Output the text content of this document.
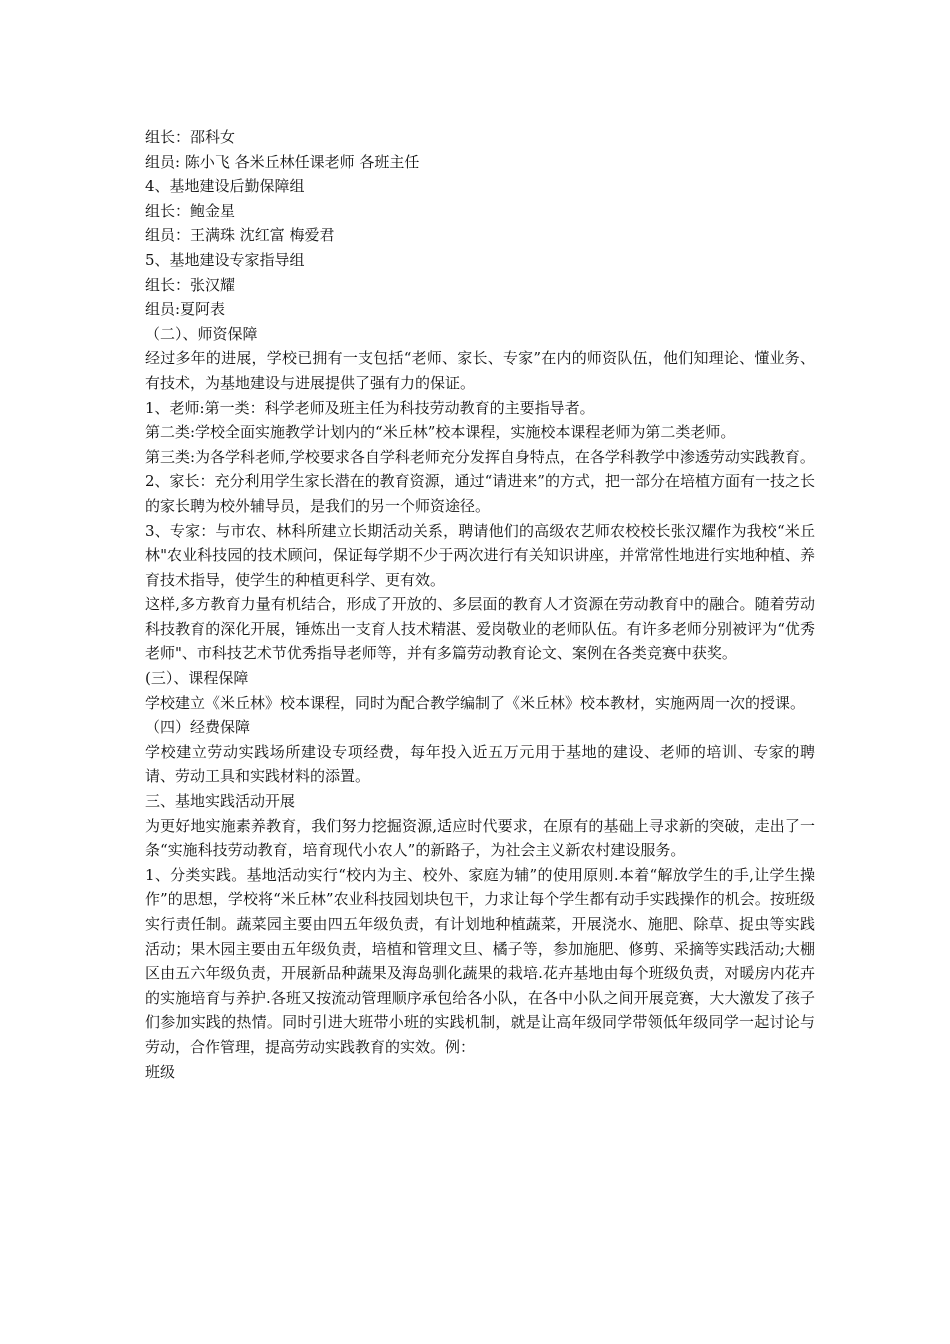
组长：邵科女

组员: 陈小飞 各米丘林任课老师 各班主任

4、基地建设后勤保障组

组长：鲍金星

组员：王满珠 沈红富 梅爱君

5、基地建设专家指导组

组长：张汉耀

组员:夏阿表

（二）、师资保障

经过多年的进展，学校已拥有一支包括“老师、家长、专家”在内的师资队伍，他们知理论、懂业务、有技术，为基地建设与进展提供了强有力的保证。

1、老师:第一类：科学老师及班主任为科技劳动教育的主要指导者。

第二类:学校全面实施教学计划内的“米丘林”校本课程，实施校本课程老师为第二类老师。

第三类:为各学科老师,学校要求各自学科老师充分发挥自身特点，在各学科教学中渗透劳动实践教育。

2、家长：充分利用学生家长潜在的教育资源，通过“请进来”的方式，把一部分在培植方面有一技之长的家长聘为校外辅导员，是我们的另一个师资途径。

3、专家：与市农、林科所建立长期活动关系，聘请他们的高级农艺师农校校长张汉耀作为我校“米丘林"农业科技园的技术顾问，保证每学期不少于两次进行有关知识讲座，并常常性地进行实地种植、养育技术指导，使学生的种植更科学、更有效。

这样,多方教育力量有机结合，形成了开放的、多层面的教育人才资源在劳动教育中的融合。随着劳动科技教育的深化开展，锤炼出一支育人技术精湛、爱岗敬业的老师队伍。有许多老师分别被评为“优秀老师"、市科技艺术节优秀指导老师等，并有多篇劳动教育论文、案例在各类竞赛中获奖。

(三）、课程保障

学校建立《米丘林》校本课程，同时为配合教学编制了《米丘林》校本教材，实施两周一次的授课。

（四）经费保障

学校建立劳动实践场所建设专项经费，每年投入近五万元用于基地的建设、老师的培训、专家的聘请、劳动工具和实践材料的添置。

三、基地实践活动开展

为更好地实施素养教育，我们努力挖掘资源,适应时代要求，在原有的基础上寻求新的突破，走出了一条“实施科技劳动教育，培育现代小农人”的新路子，为社会主义新农村建设服务。

1、分类实践。基地活动实行“校内为主、校外、家庭为辅”的使用原则.本着“解放学生的手,让学生操作”的思想，学校将“米丘林”农业科技园划块包干，力求让每个学生都有动手实践操作的机会。按班级实行责任制。蔬菜园主要由四五年级负责，有计划地种植蔬菜，开展浇水、施肥、除草、捉虫等实践活动；果木园主要由五年级负责，培植和管理文旦、橘子等，参加施肥、修剪、采摘等实践活动;大棚区由五六年级负责，开展新品种蔬果及海岛驯化蔬果的栽培.花卉基地由每个班级负责，对暖房内花卉的实施培育与养护.各班又按流动管理顺序承包给各小队，在各中小队之间开展竞赛，大大激发了孩子们参加实践的热情。同时引进大班带小班的实践机制，就是让高年级同学带领低年级同学一起讨论与劳动，合作管理，提高劳动实践教育的实效。例：

班级
